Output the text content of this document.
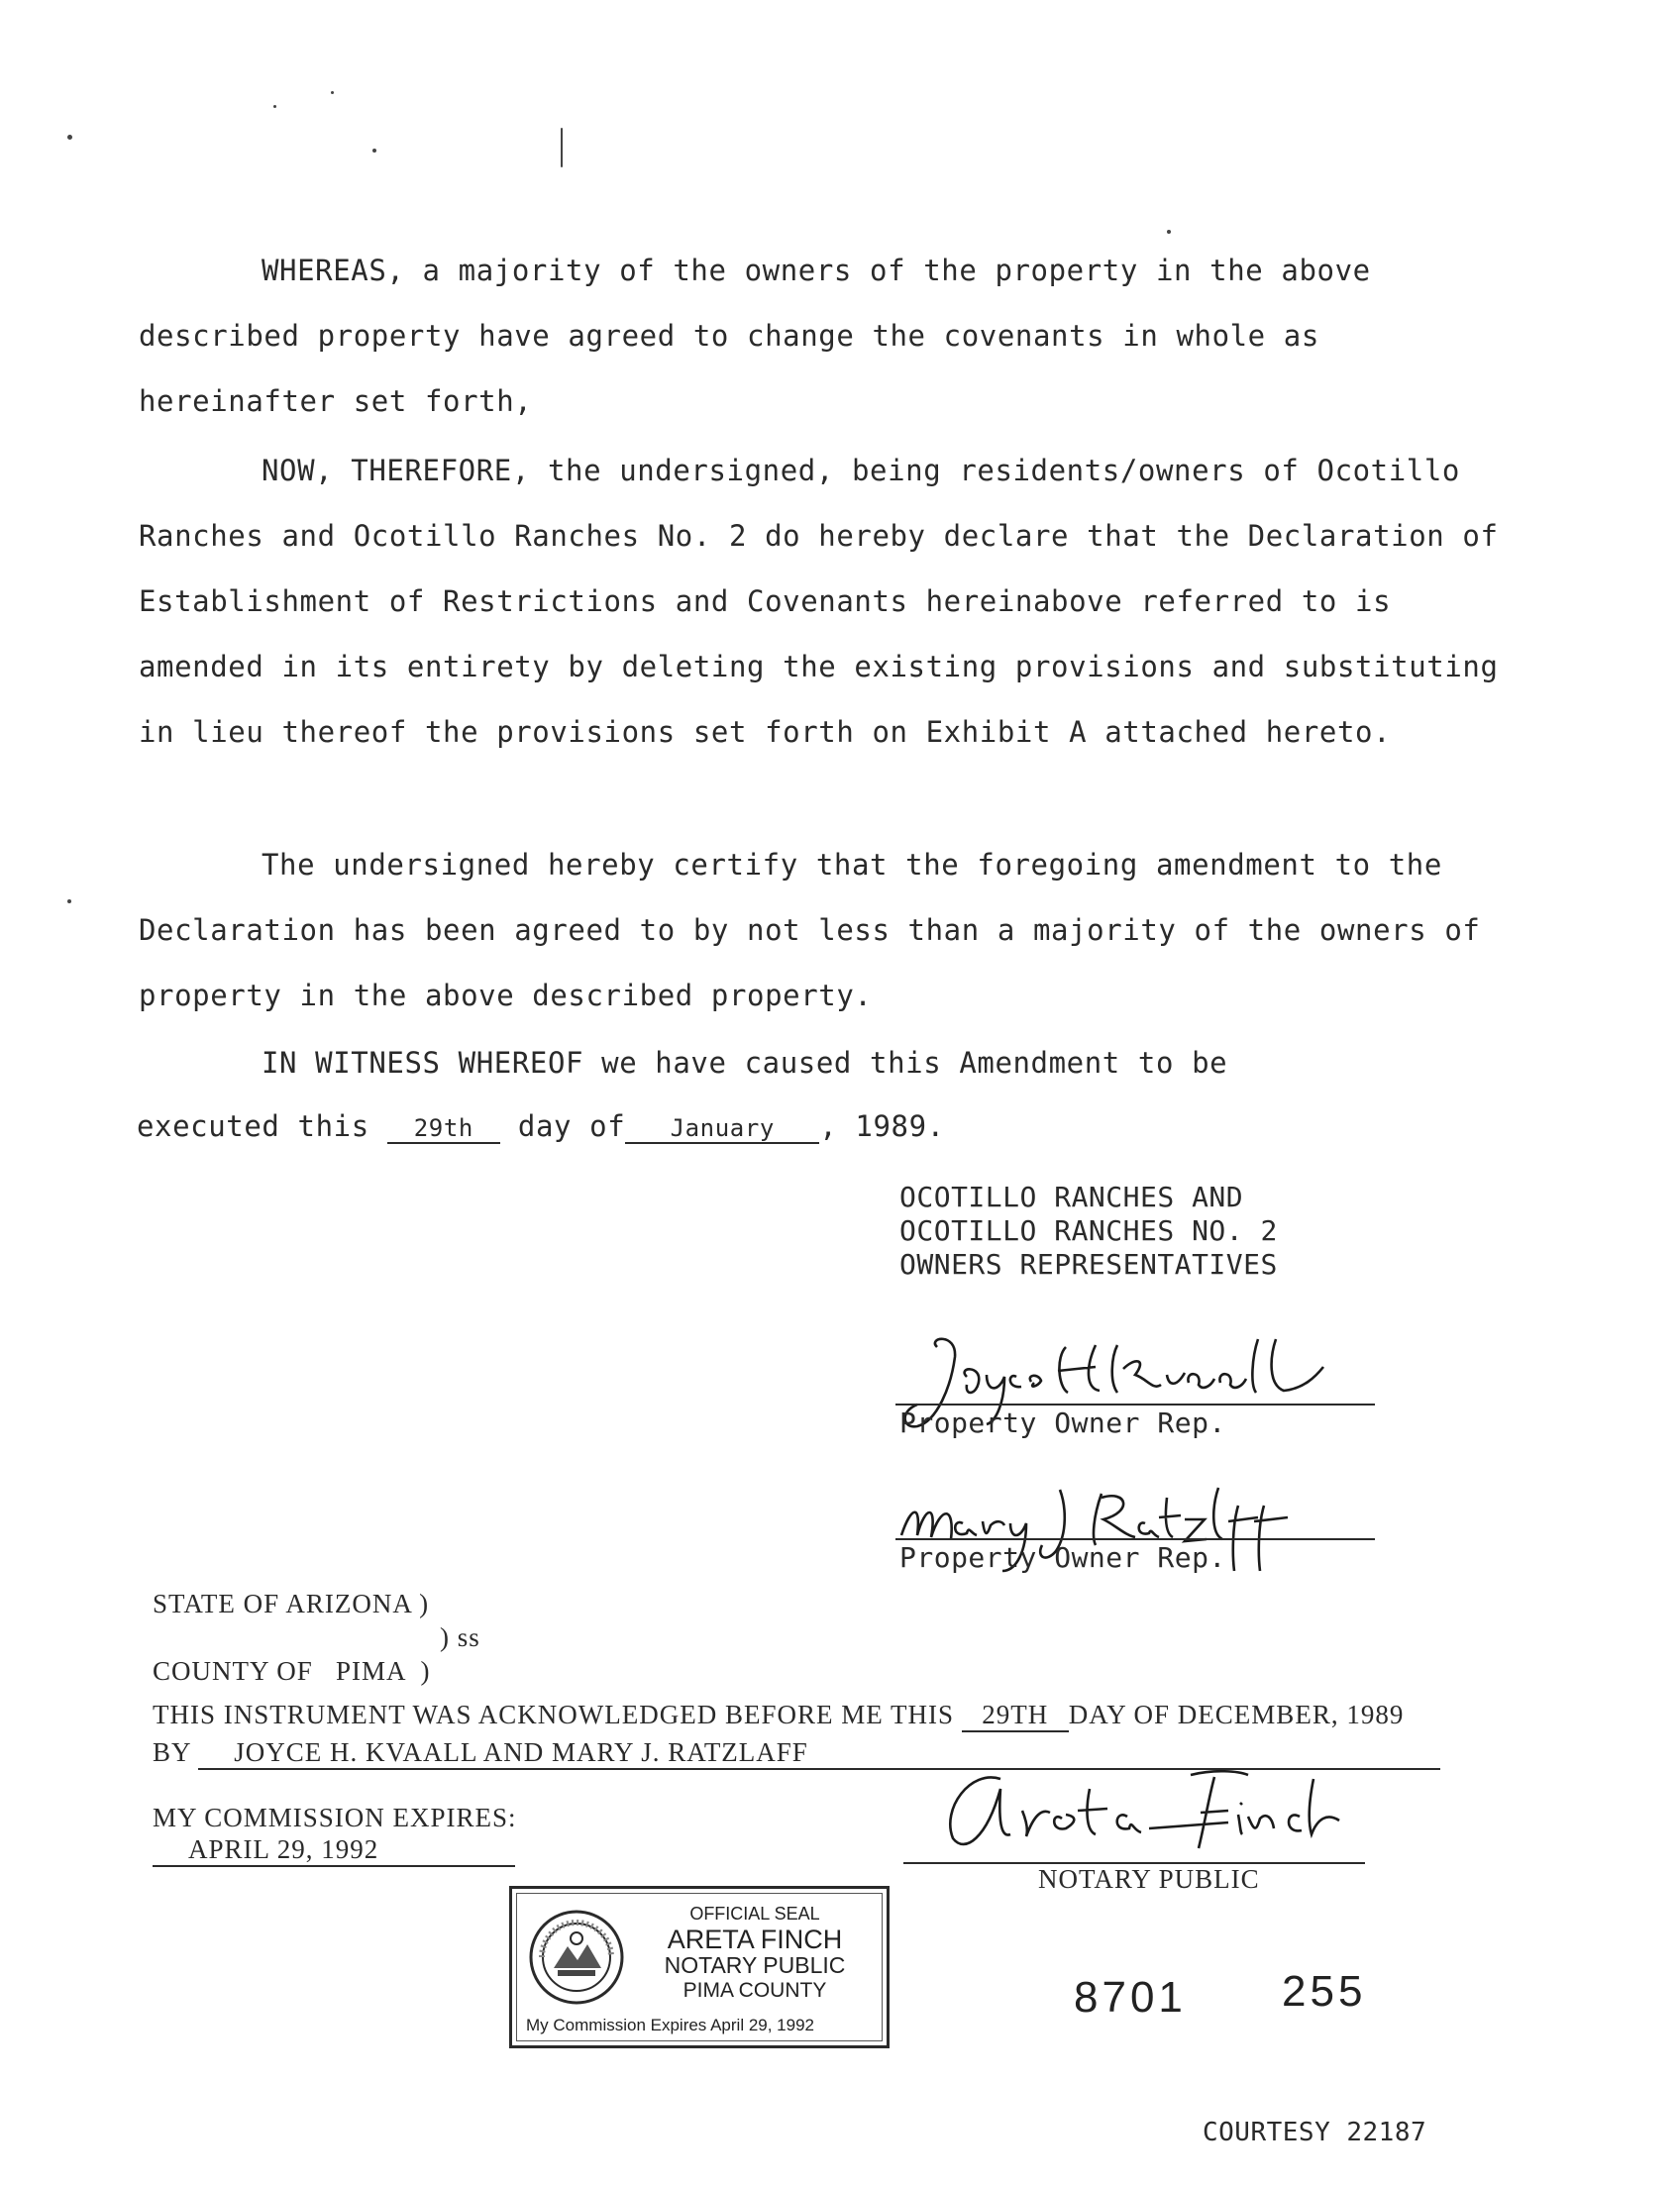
WHEREAS, a majority of the owners of the property in the above described property have agreed to change the covenants in whole as hereinafter set forth,
NOW, THEREFORE, the undersigned, being residents/owners of Ocotillo Ranches and Ocotillo Ranches No. 2 do hereby declare that the Declaration of Establishment of Restrictions and Covenants hereinabove referred to is amended in its entirety by deleting the existing provisions and substituting in lieu thereof the provisions set forth on Exhibit A attached hereto.
The undersigned hereby certify that the foregoing amendment to the Declaration has been agreed to by not less than a majority of the owners of property in the above described property.
IN WITNESS WHEREOF we have caused this Amendment to be
executed this 29th day of January , 1989.
OCOTILLO RANCHES AND
OCOTILLO RANCHES NO. 2
OWNERS REPRESENTATIVES
Property Owner Rep.
Property Owner Rep.
STATE OF ARIZONA )
) ss
COUNTY OF   PIMA  )
THIS INSTRUMENT WAS ACKNOWLEDGED BEFORE ME THIS 29TH DAY OF DECEMBER, 1989
BY JOYCE H. KVAALL AND MARY J. RATZLAFF
MY COMMISSION EXPIRES:
APRIL 29, 1992
NOTARY PUBLIC
OFFICIAL SEAL
ARETA FINCH
NOTARY PUBLIC
PIMA COUNTY
My Commission Expires April 29, 1992
8701 255
COURTESY 22187
